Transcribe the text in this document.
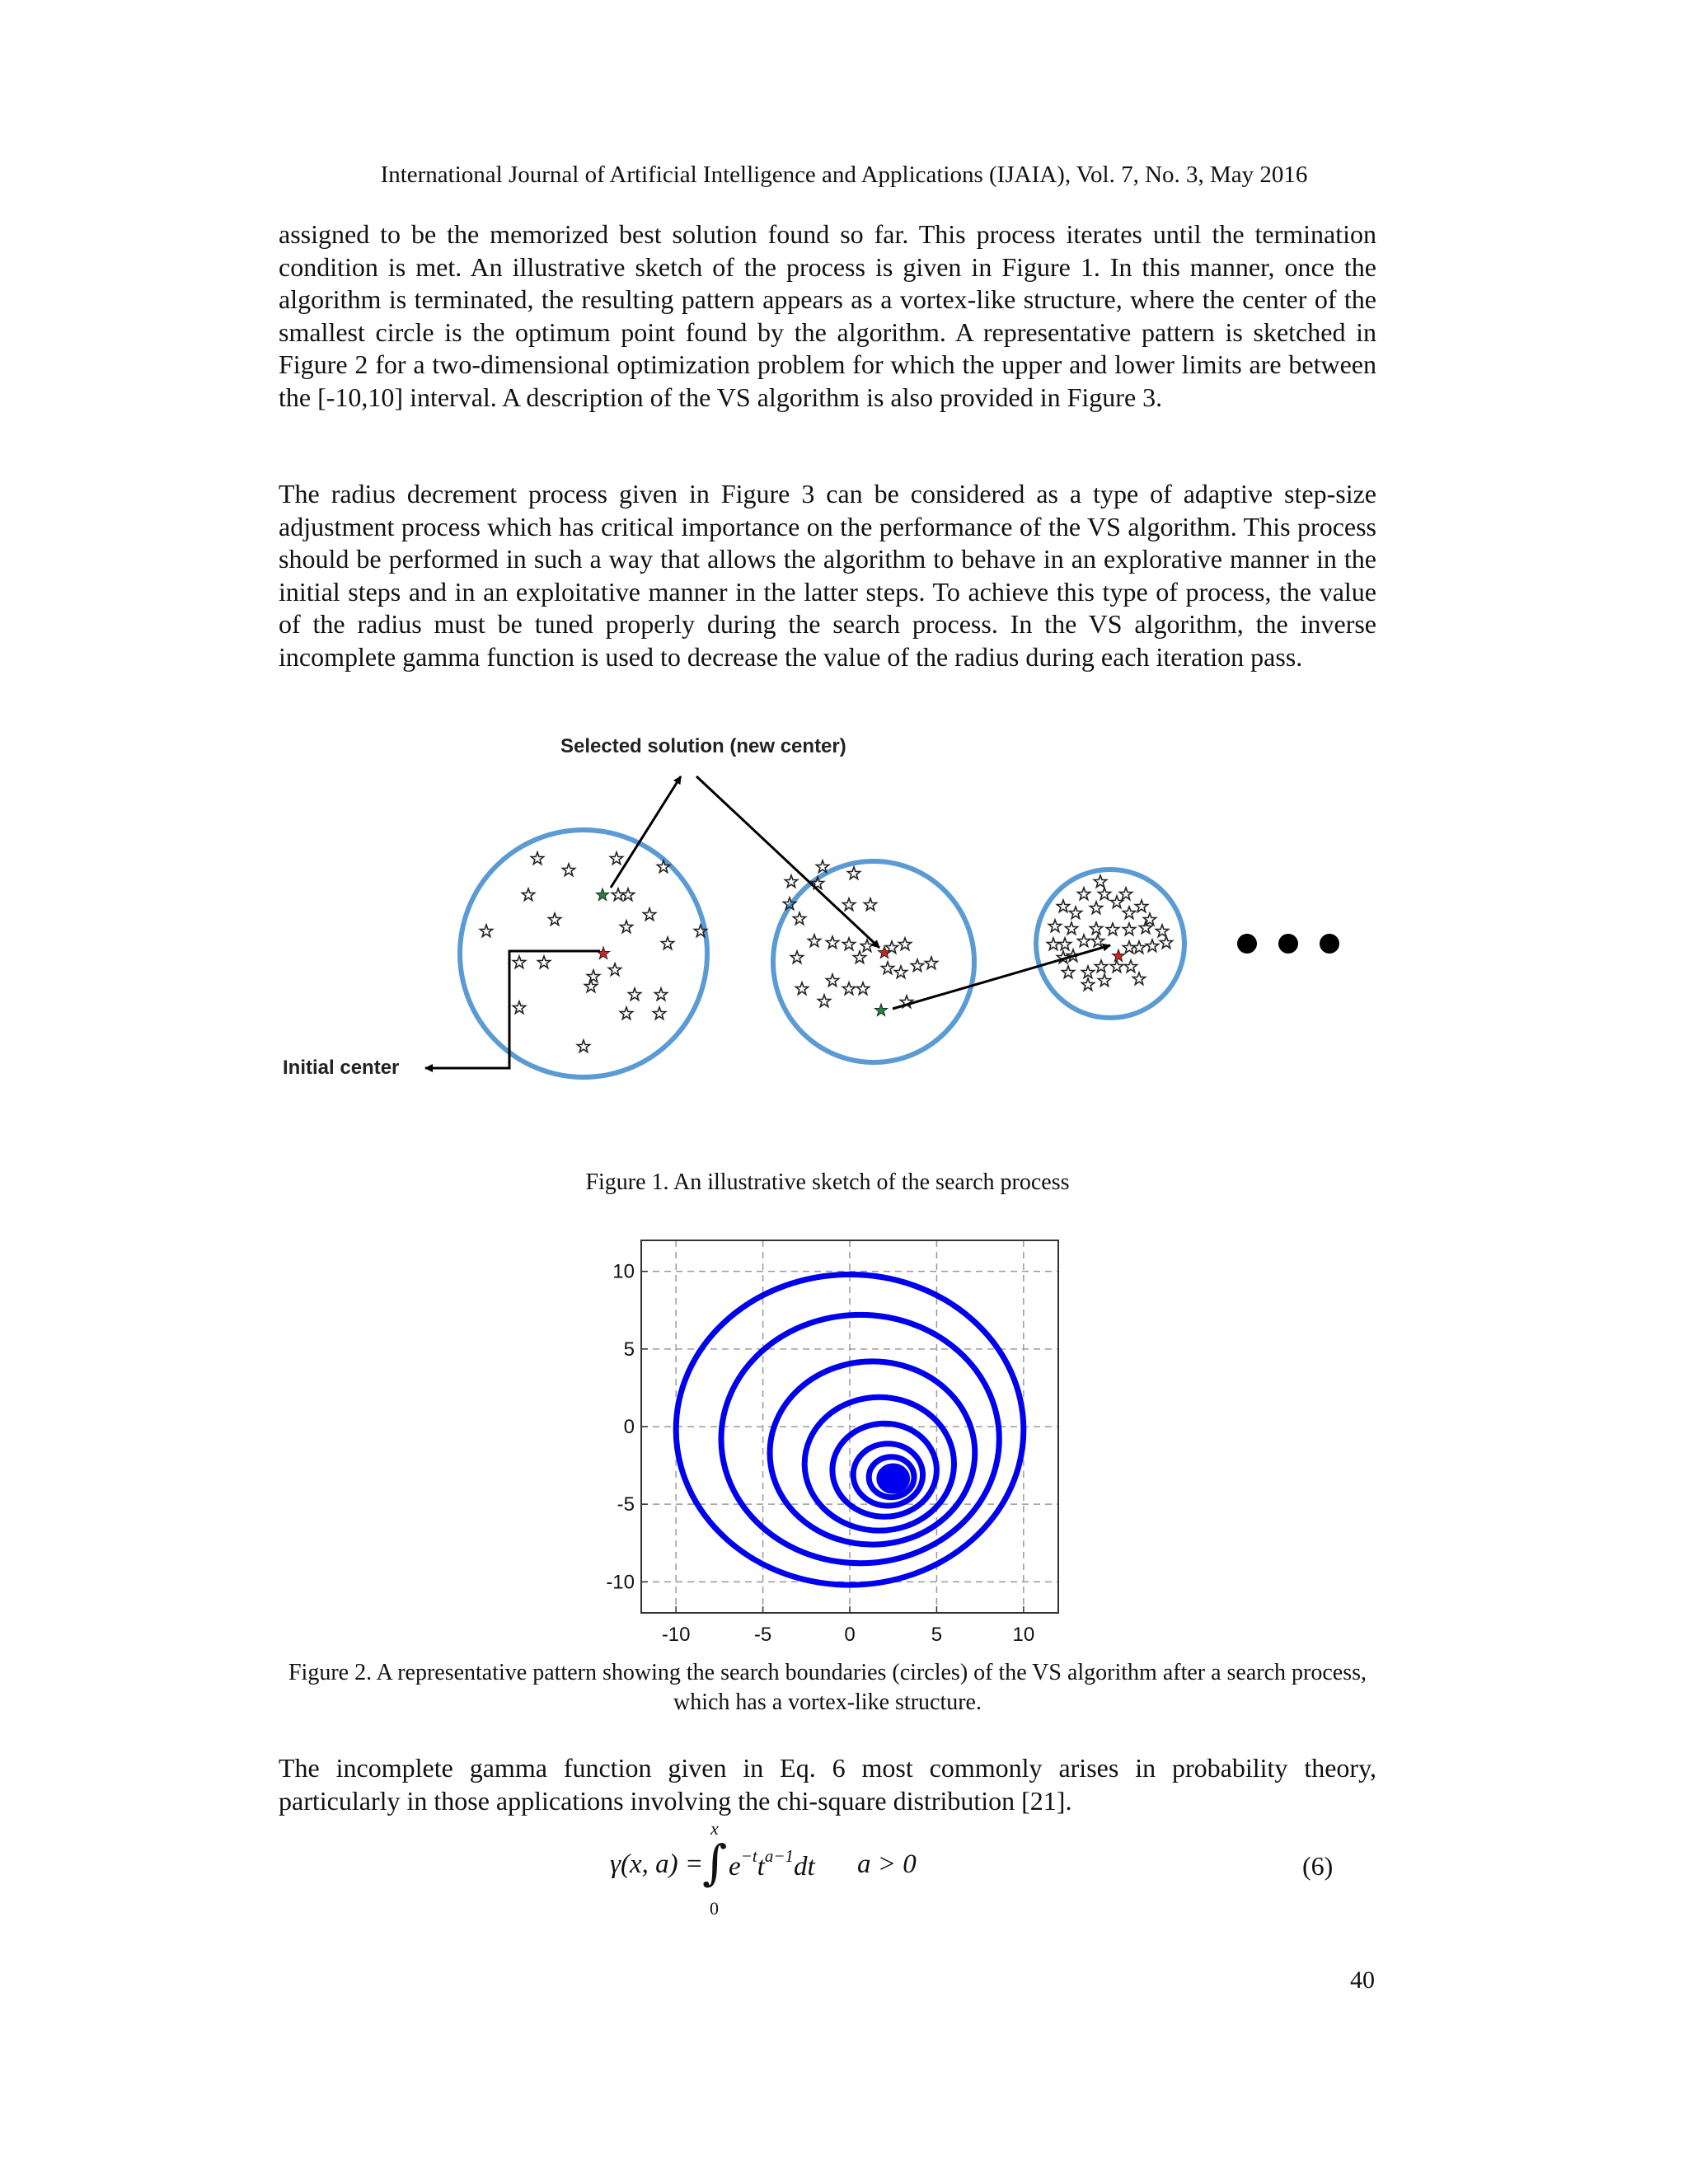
International Journal of Artificial Intelligence and Applications (IJAIA), Vol. 7, No. 3, May 2016

assigned to be the memorized best solution found so far. This process iterates until the termination condition is met. An illustrative sketch of the process is given in Figure 1. In this manner, once the algorithm is terminated, the resulting pattern appears as a vortex-like structure, where the center of the smallest circle is the optimum point found by the algorithm. A representative pattern is sketched in Figure 2 for a two-dimensional optimization problem for which the upper and lower limits are between the [-10,10] interval. A description of the VS algorithm is also provided in Figure 3.

The radius decrement process given in Figure 3 can be considered as a type of adaptive step-size adjustment process which has critical importance on the performance of the VS algorithm. This process should be performed in such a way that allows the algorithm to behave in an explorative manner in the initial steps and in an exploitative manner in the latter steps. To achieve this type of process, the value of the radius must be tuned properly during the search process. In the VS algorithm, the inverse incomplete gamma function is used to decrease the value of the radius during each iteration pass.

Selected solution (new center)
Initial center
Figure 1. An illustrative sketch of the search process
-10	-5	0	5	10
10
5
0
-5
-10
Figure 2. A representative pattern showing the search boundaries (circles) of the VS algorithm after a search process, which has a vortex-like structure.

The incomplete gamma function given in Eq. 6 most commonly arises in probability theory, particularly in those applications involving the chi-square distribution [21].

γ(x, a) =
x
∫
0
$e^{-t}t^{a-1}dt$ a > 0	(6)
40
